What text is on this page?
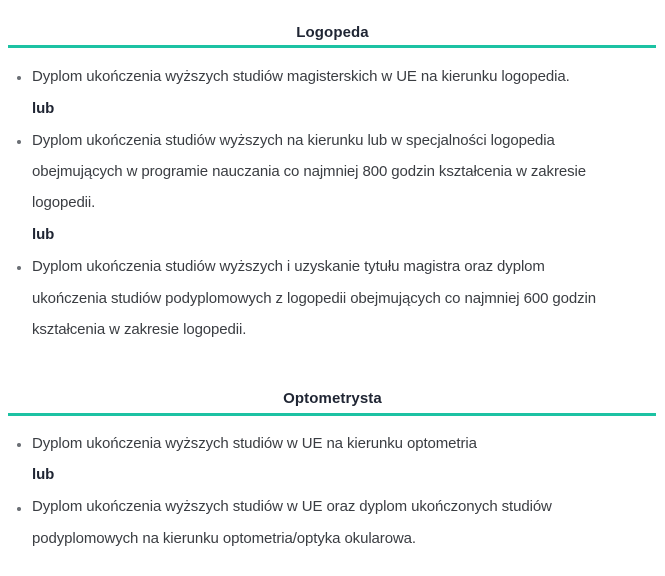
Logopeda
Dyplom ukończenia wyższych studiów magisterskich w UE na kierunku logopedia.
lub
Dyplom ukończenia studiów wyższych na kierunku lub w specjalności logopedia
obejmujących w programie nauczania co najmniej 800 godzin kształcenia w zakresie
logopedii.
lub
Dyplom ukończenia studiów wyższych i uzyskanie tytułu magistra oraz dyplom
ukończenia studiów podyplomowych z logopedii obejmujących co najmniej 600 godzin
kształcenia w zakresie logopedii.
Optometrysta
Dyplom ukończenia wyższych studiów w UE na kierunku optometria
lub
Dyplom ukończenia wyższych studiów w UE oraz dyplom ukończonych studiów
podyplomowych na kierunku optometria/optyka okularowa.
